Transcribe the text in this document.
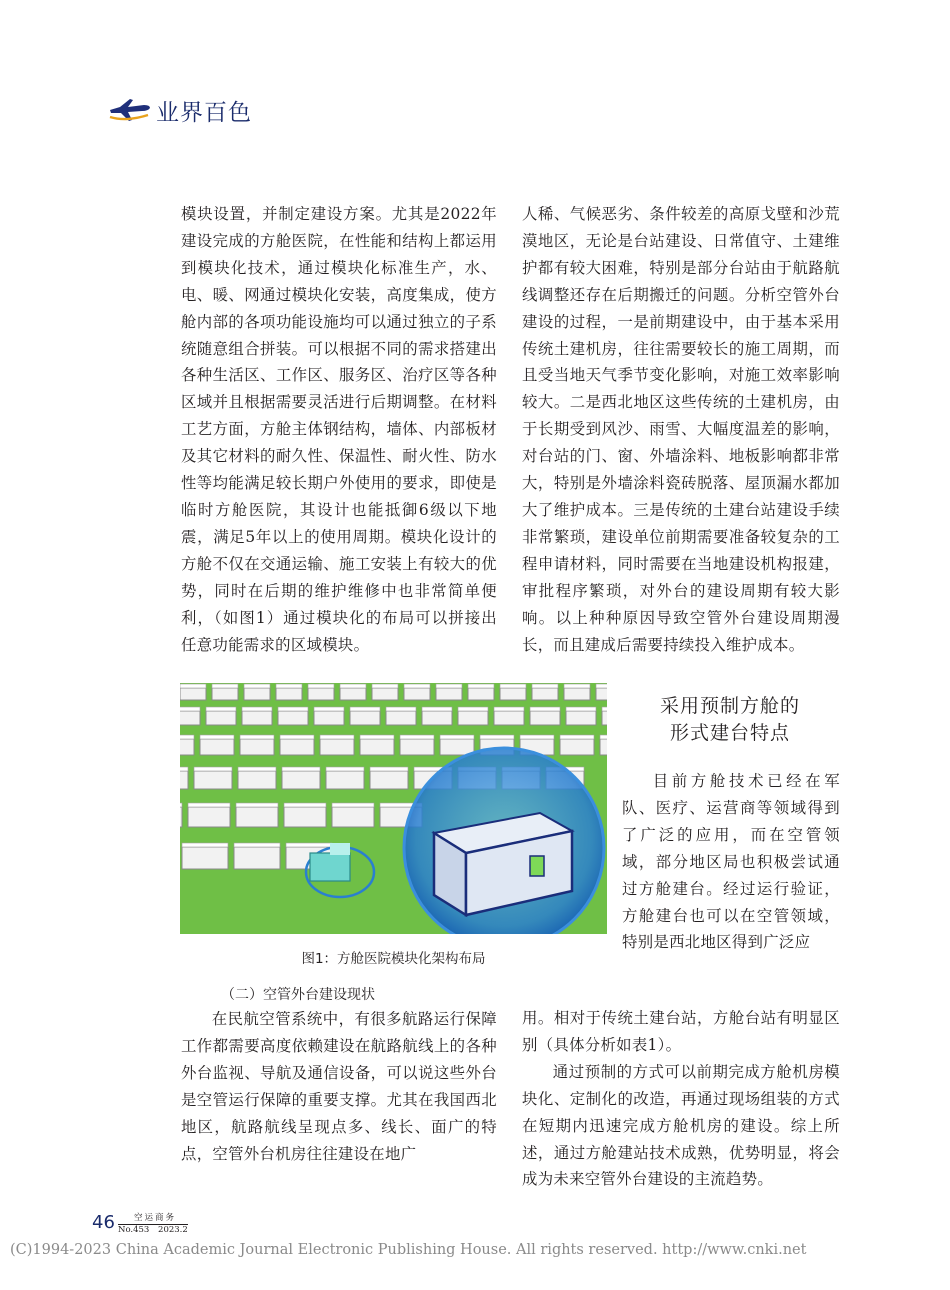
业界百色

模块设置，并制定建设方案。尤其是2022年建设完成的方舱医院，在性能和结构上都运用到模块化技术，通过模块化标准生产，水、电、暖、网通过模块化安装，高度集成，使方舱内部的各项功能设施均可以通过独立的子系统随意组合拼装。可以根据不同的需求搭建出各种生活区、工作区、服务区、治疗区等各种区域并且根据需要灵活进行后期调整。在材料工艺方面，方舱主体钢结构，墙体、内部板材及其它材料的耐久性、保温性、耐火性、防水性等均能满足较长期户外使用的要求，即使是临时方舱医院，其设计也能抵御6级以下地震，满足5年以上的使用周期。模块化设计的方舱不仅在交通运输、施工安装上有较大的优势，同时在后期的维护维修中也非常简单便利，（如图1）通过模块化的布局可以拼接出任意功能需求的区域模块。

人稀、气候恶劣、条件较差的高原戈壁和沙荒漠地区，无论是台站建设、日常值守、土建维护都有较大困难，特别是部分台站由于航路航线调整还存在后期搬迁的问题。分析空管外台建设的过程，一是前期建设中，由于基本采用传统土建机房，往往需要较长的施工周期，而且受当地天气季节变化影响，对施工效率影响较大。二是西北地区这些传统的土建机房，由于长期受到风沙、雨雪、大幅度温差的影响，对台站的门、窗、外墙涂料、地板影响都非常大，特别是外墙涂料瓷砖脱落、屋顶漏水都加大了维护成本。三是传统的土建台站建设手续非常繁琐，建设单位前期需要准备较复杂的工程申请材料，同时需要在当地建设机构报建，审批程序繁琐，对外台的建设周期有较大影响。以上种种原因导致空管外台建设周期漫长，而且建成后需要持续投入维护成本。

图1：方舱医院模块化架构布局
（二）空管外台建设现状

在民航空管系统中，有很多航路运行保障工作都需要高度依赖建设在航路航线上的各种外台监视、导航及通信设备，可以说这些外台是空管运行保障的重要支撑。尤其在我国西北地区，航路航线呈现点多、线长、面广的特点，空管外台机房往往建设在地广

采用预制方舱的
形式建台特点

目前方舱技术已经在军队、医疗、运营商等领域得到了广泛的应用，而在空管领域，部分地区局也积极尝试通过方舱建台。经过运行验证，方舱建台也可以在空管领域，特别是西北地区得到广泛应

用。相对于传统土建台站，方舱台站有明显区别（具体分析如表1）。

通过预制的方式可以前期完成方舱机房模块化、定制化的改造，再通过现场组装的方式在短期内迅速完成方舱机房的建设。综上所述，通过方舱建站技术成熟，优势明显，将会成为未来空管外台建设的主流趋势。

46	空运商务
No.453 2023.2
(C)1994-2023 China Academic Journal Electronic Publishing House. All rights reserved. http://www.cnki.net
